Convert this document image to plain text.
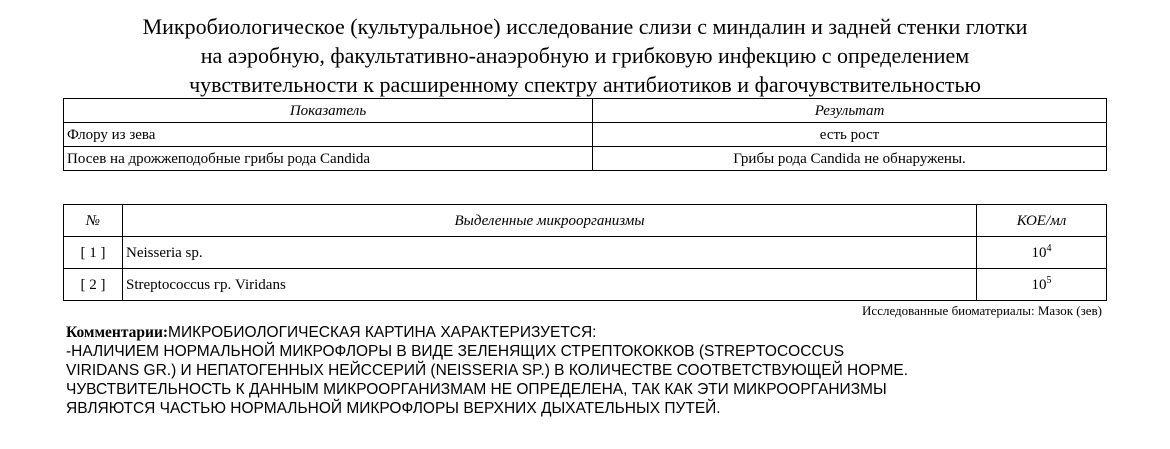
Микробиологическое (культуральное) исследование слизи с миндалин и задней стенки глотки
на аэробную, факультативно-анаэробную и грибковую инфекцию с определением
чувствительности к расширенному спектру антибиотиков и фагочувствительностью
Показатель	Результат
Флору из зева	есть рост
Посев на дрожжеподобные грибы рода Candida	Грибы рода Candida не обнаружены.
№	Выделенные микроорганизмы	КОЕ/мл
[ 1 ]	Neisseria sp.	$10^4$
[ 2 ]	Streptococcus гр. Viridans	$10^5$
Исследованные биоматериалы: Мазок (зев)
Комментарии:МИКРОБИОЛОГИЧЕСКАЯ КАРТИНА ХАРАКТЕРИЗУЕТСЯ:
-НАЛИЧИЕМ НОРМАЛЬНОЙ МИКРОФЛОРЫ В ВИДЕ ЗЕЛЕНЯЩИХ СТРЕПТОКОККОВ (STREPTOCOCCUS
VIRIDANS GR.) И НЕПАТОГЕННЫХ НЕЙССЕРИЙ (NEISSERIA SP.) В КОЛИЧЕСТВЕ СООТВЕТСТВУЮЩЕЙ НОРМЕ.
ЧУВСТВИТЕЛЬНОСТЬ К ДАННЫМ МИКРООРГАНИЗМАМ НЕ ОПРЕДЕЛЕНА, ТАК КАК ЭТИ МИКРООРГАНИЗМЫ
ЯВЛЯЮТСЯ ЧАСТЬЮ НОРМАЛЬНОЙ МИКРОФЛОРЫ ВЕРХНИХ ДЫХАТЕЛЬНЫХ ПУТЕЙ.
